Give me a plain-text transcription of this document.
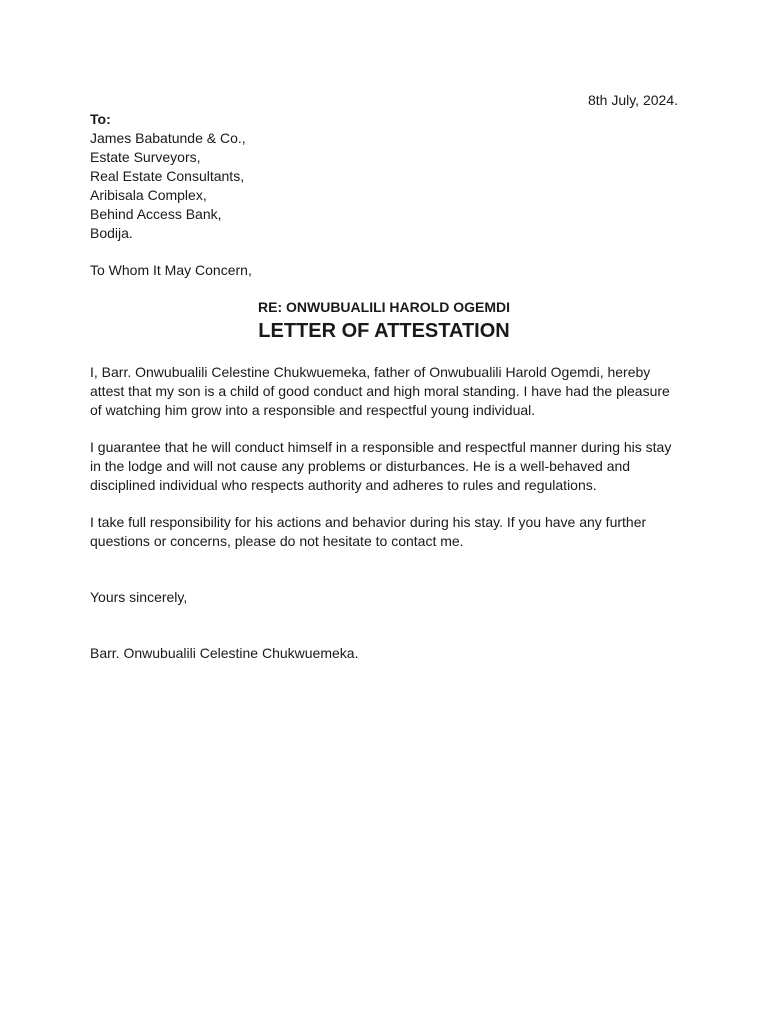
8th July, 2024.
To:
James Babatunde & Co.,
Estate Surveyors,
Real Estate Consultants,
Aribisala Complex,
Behind Access Bank,
Bodija.
To Whom It May Concern,
RE: ONWUBUALILI HAROLD OGEMDI
LETTER OF ATTESTATION
I, Barr. Onwubualili Celestine Chukwuemeka, father of Onwubualili Harold Ogemdi, hereby attest that my son is a child of good conduct and high moral standing. I have had the pleasure of watching him grow into a responsible and respectful young individual.
I guarantee that he will conduct himself in a responsible and respectful manner during his stay in the lodge and will not cause any problems or disturbances. He is a well-behaved and disciplined individual who respects authority and adheres to rules and regulations.
I take full responsibility for his actions and behavior during his stay. If you have any further questions or concerns, please do not hesitate to contact me.
Yours sincerely,
Barr. Onwubualili Celestine Chukwuemeka.
